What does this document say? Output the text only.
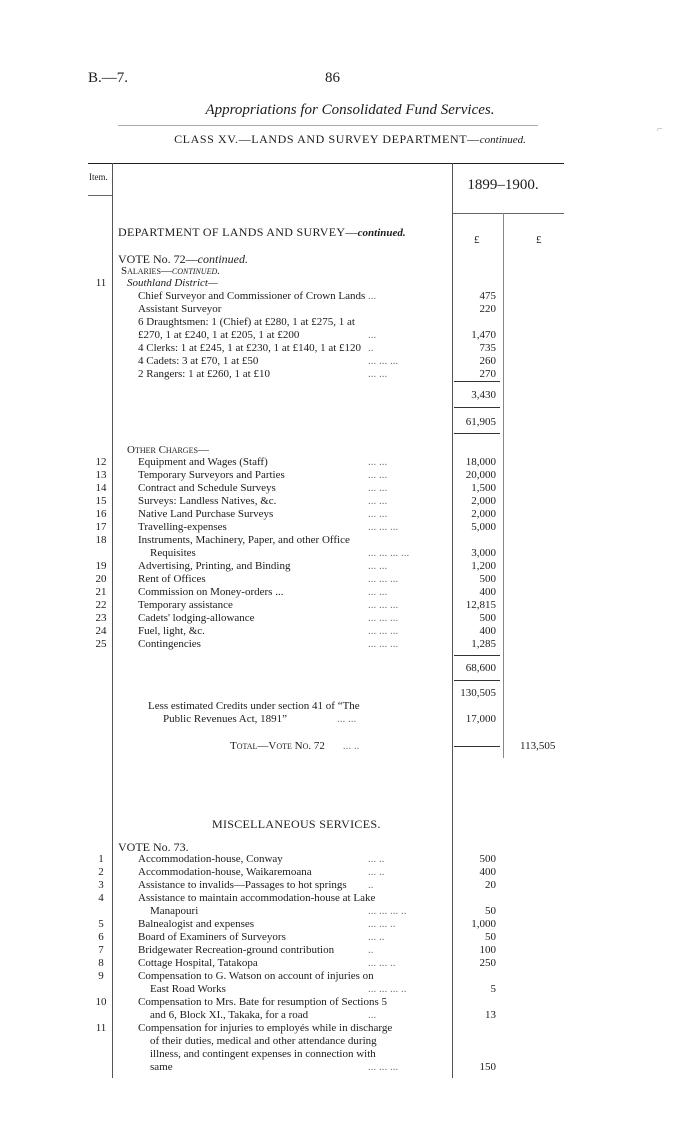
B.—7.	86
Appropriations for Consolidated Fund Services.
CLASS XV.—LANDS AND SURVEY DEPARTMENT—continued.
⌐
Item.	1899–1900.
DEPARTMENT OF LANDS AND SURVEY—continued.
£	£
VOTE No. 72—continued.
Salaries—continued.
11	Southland District—
Chief Surveyor and Commissioner of Crown Lands ...	475
Assistant Surveyor	220
6 Draughtsmen: 1 (Chief) at £280, 1 at £275, 1 at
£270, 1 at £240, 1 at £205, 1 at £200	...	1,470
4 Clerks: 1 at £245, 1 at £230, 1 at £140, 1 at £120 ..	735
4 Cadets: 3 at £70, 1 at £50	... ... ...	260
2 Rangers: 1 at £260, 1 at £10	... ...	270
3,430
61,905
Other Charges—
12	Equipment and Wages (Staff)	... ...	18,000
13	Temporary Surveyors and Parties	... ...	20,000
14	Contract and Schedule Surveys	... ...	1,500
15	Surveys: Landless Natives, &c.	... ...	2,000
16	Native Land Purchase Surveys	... ...	2,000
17	Travelling-expenses	... ... ...	5,000
18	Instruments, Machinery, Paper, and other Office
Requisites	... ... ... ...	3,000
19	Advertising, Printing, and Binding	... ...	1,200
20	Rent of Offices	... ... ...	500
21	Commission on Money-orders ...	... ...	400
22	Temporary assistance	... ... ...	12,815
23	Cadets' lodging-allowance	... ... ...	500
24	Fuel, light, &c.	... ... ...	400
25	Contingencies	... ... ...	1,285
68,600
130,505
Less estimated Credits under section 41 of “The
Public Revenues Act, 1891”	... ...	17,000
Total—Vote No. 72 ... ..	113,505
MISCELLANEOUS SERVICES.
VOTE No. 73.
1	Accommodation-house, Conway	... ..	500
2	Accommodation-house, Waikaremoana	... ..	400
3	Assistance to invalids—Passages to hot springs ..	20
4	Assistance to maintain accommodation-house at Lake
Manapouri	... ... ... ..	50
5	Balnealogist and expenses	... ... ..	1,000
6	Board of Examiners of Surveyors	... ..	50
7	Bridgewater Recreation-ground contribution	..	100
8	Cottage Hospital, Tatakopa	... ... ..	250
9	Compensation to G. Watson on account of injuries on
East Road Works	... ... ... ..	5
10	Compensation to Mrs. Bate for resumption of Sections 5
and 6, Block XI., Takaka, for a road	...	13
11	Compensation for injuries to employés while in discharge
of their duties, medical and other attendance during
illness, and contingent expenses in connection with
same	... ... ...	150
